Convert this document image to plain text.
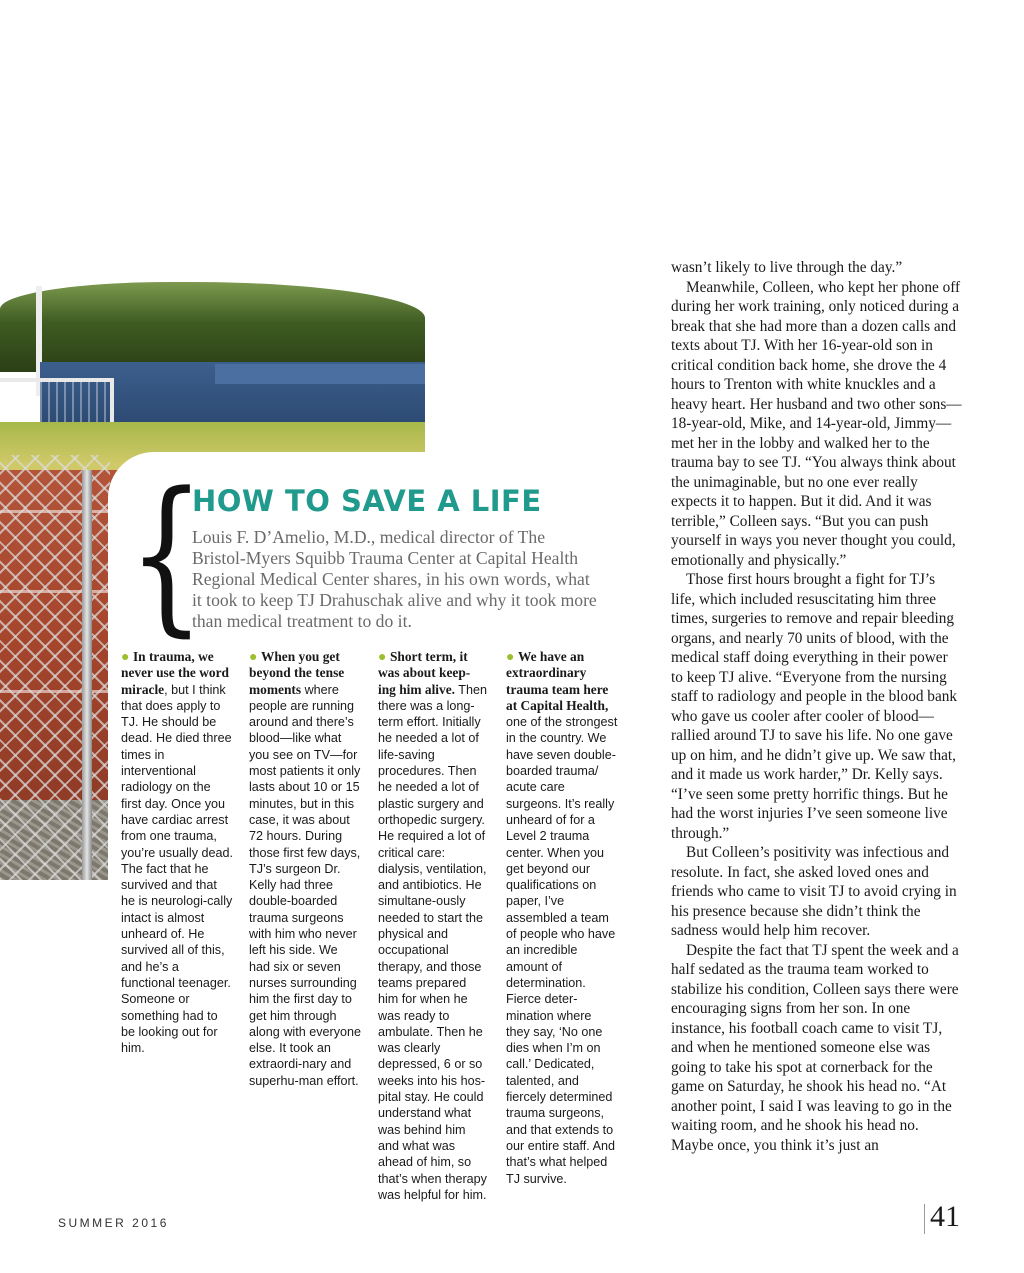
{
HOW TO SAVE A LIFE

Louis F. D’Amelio, M.D., medical director of The Bristol-Myers Squibb Trauma Center at Capital Health Regional Medical Center shares, in his own words, what it took to keep TJ Drahuschak alive and why it took more than medical treatment to do it.

● In trauma, we never use the word miracle, but I think that does apply to TJ. He should be dead. He died three times in interventional radiology on the first day. Once you have cardiac arrest from one trauma, you’re usually dead. The fact that he survived and that he is neurologi-cally intact is almost unheard of. He survived all of this, and he’s a functional teenager. Someone or something had to be looking out for him.

● When you get beyond the tense moments where people are running around and there’s blood—like what you see on TV—for most patients it only lasts about 10 or 15 minutes, but in this case, it was about 72 hours. During those first few days, TJ’s surgeon Dr. Kelly had three double-boarded trauma surgeons with him who never left his side. We had six or seven nurses surrounding him the first day to get him through along with everyone else. It took an extraordi-nary and superhu-man effort.

● Short term, it was about keep-ing him alive. Then there was a long-term effort. Initially he needed a lot of life-saving procedures. Then he needed a lot of plastic surgery and orthopedic surgery. He required a lot of critical care: dialysis, ventilation, and antibiotics. He simultane-ously needed to start the physical and occupational therapy, and those teams prepared him for when he was ready to ambulate. Then he was clearly depressed, 6 or so weeks into his hos-pital stay. He could understand what was behind him and what was ahead of him, so that’s when therapy was helpful for him.

● We have an extraordinary trauma team here at Capital Health, one of the strongest in the country. We have seven double-boarded trauma/ acute care surgeons. It’s really unheard of for a Level 2 trauma center. When you get beyond our qualifications on paper, I’ve assembled a team of people who have an incredible amount of determination. Fierce deter-mination where they say, ‘No one dies when I’m on call.’ Dedicated, talented, and fiercely determined trauma surgeons, and that extends to our entire staff. And that’s what helped TJ survive.

wasn’t likely to live through the day.”

Meanwhile, Colleen, who kept her phone off during her work training, only noticed during a break that she had more than a dozen calls and texts about TJ. With her 16-year-old son in critical condition back home, she drove the 4 hours to Trenton with white knuckles and a heavy heart. Her husband and two other sons—18-year-old, Mike, and 14-year-old, Jimmy—met her in the lobby and walked her to the trauma bay to see TJ. “You always think about the unimaginable, but no one ever really expects it to happen. But it did. And it was terrible,” Colleen says. “But you can push yourself in ways you never thought you could, emotionally and physically.”

Those first hours brought a fight for TJ’s life, which included resuscitating him three times, surgeries to remove and repair bleeding organs, and nearly 70 units of blood, with the medical staff doing everything in their power to keep TJ alive. “Everyone from the nursing staff to radiology and people in the blood bank who gave us cooler after cooler of blood—rallied around TJ to save his life. No one gave up on him, and he didn’t give up. We saw that, and it made us work harder,” Dr. Kelly says. “I’ve seen some pretty horrific things. But he had the worst injuries I’ve seen someone live through.”

But Colleen’s positivity was infectious and resolute. In fact, she asked loved ones and friends who came to visit TJ to avoid crying in his presence because she didn’t think the sadness would help him recover.

Despite the fact that TJ spent the week and a half sedated as the trauma team worked to stabilize his condition, Colleen says there were encouraging signs from her son. In one instance, his football coach came to visit TJ, and when he mentioned someone else was going to take his spot at cornerback for the game on Saturday, he shook his head no. “At another point, I said I was leaving to go in the waiting room, and he shook his head no. Maybe once, you think it’s just an

SUMMER 2016	41
